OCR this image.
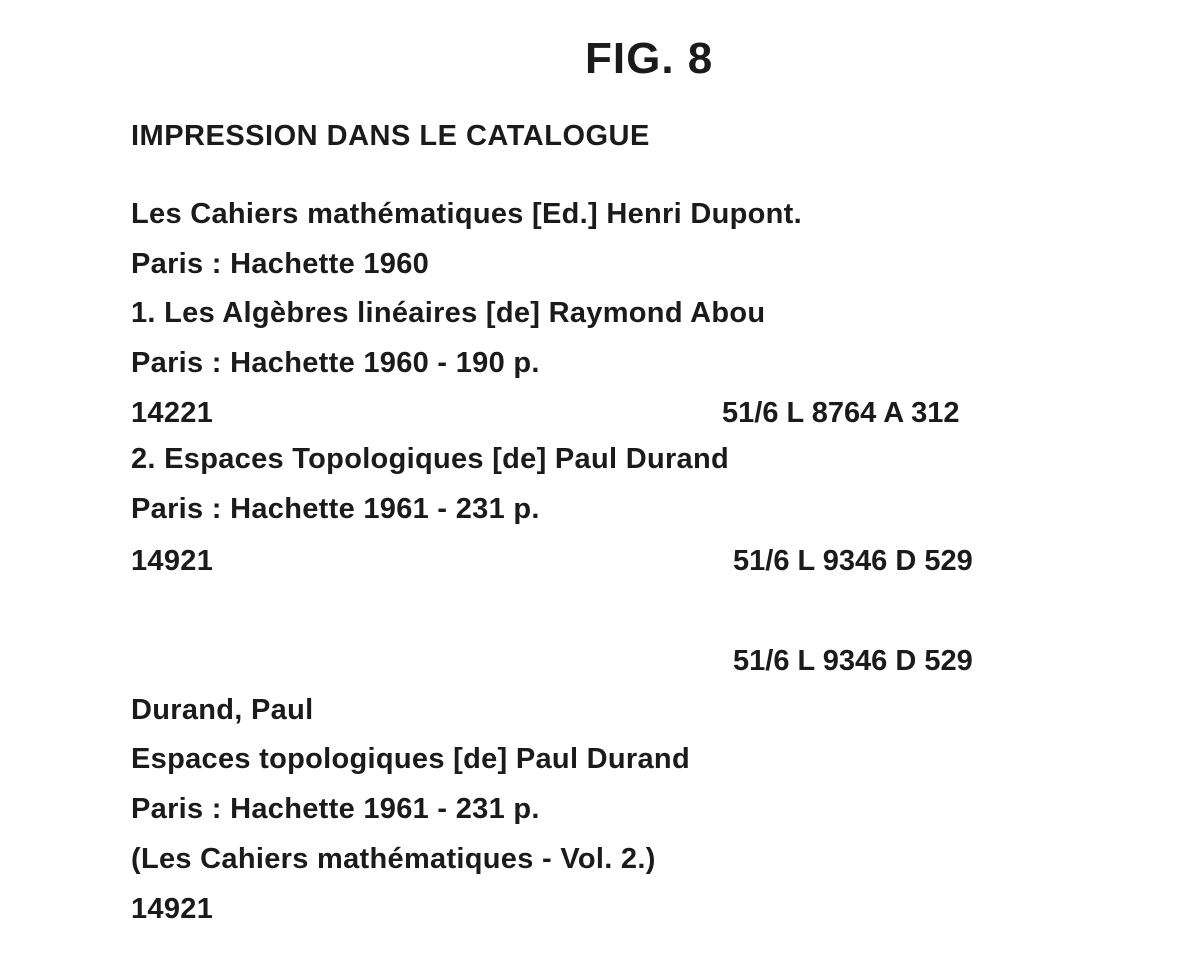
FIG. 8
IMPRESSION DANS LE CATALOGUE
Les Cahiers mathématiques [Ed.] Henri Dupont.
Paris : Hachette 1960
1. Les Algèbres linéaires [de] Raymond Abou
Paris : Hachette 1960 - 190 p.
14221	51/6 L 8764 A 312
2. Espaces Topologiques [de] Paul Durand
Paris : Hachette 1961 - 231 p.
14921	51/6 L 9346 D 529
51/6 L 9346 D 529
Durand, Paul
Espaces topologiques [de] Paul Durand
Paris : Hachette 1961 - 231 p.
(Les Cahiers mathématiques - Vol. 2.)
14921
